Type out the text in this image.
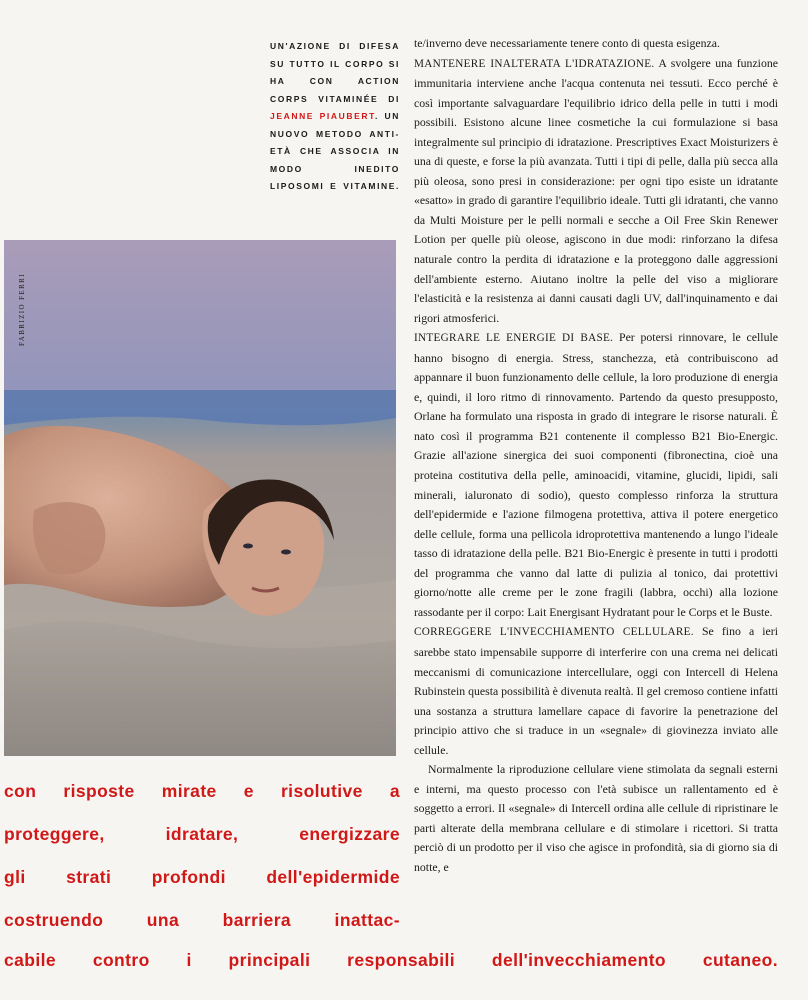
UN'AZIONE DI DIFESA SU TUTTO IL CORPO SI HA CON ACTION CORPS VITAMINÉE DI JEANNE PIAUBERT. UN NUOVO METODO ANTI-ETÀ CHE ASSOCIA IN MODO INEDITO LIPOSOMI E VITAMINE.
FABRIZIO FERRI

te/inverno deve necessariamente tenere conto di questa esigenza.

MANTENERE INALTERATA L'IDRATAZIONE. A svolgere una funzione immunitaria interviene anche l'acqua contenuta nei tessuti. Ecco perché è così importante salvaguardare l'equilibrio idrico della pelle in tutti i modi possibili. Esistono alcune linee cosmetiche la cui formulazione si basa integralmente sul principio di idratazione. Prescriptives Exact Moisturizers è una di queste, e forse la più avanzata. Tutti i tipi di pelle, dalla più secca alla più oleosa, sono presi in considerazione: per ogni tipo esiste un idratante «esatto» in grado di garantire l'equilibrio ideale. Tutti gli idratanti, che vanno da Multi Moisture per le pelli normali e secche a Oil Free Skin Renewer Lotion per quelle più oleose, agiscono in due modi: rinforzano la difesa naturale contro la perdita di idratazione e la proteggono dalle aggressioni dell'ambiente esterno. Aiutano inoltre la pelle del viso a migliorare l'elasticità e la resistenza ai danni causati dagli UV, dall'inquinamento e dai rigori atmosferici.

INTEGRARE LE ENERGIE DI BASE. Per potersi rinnovare, le cellule hanno bisogno di energia. Stress, stanchezza, età contribuiscono ad appannare il buon funzionamento delle cellule, la loro produzione di energia e, quindi, il loro ritmo di rinnovamento. Partendo da questo presupposto, Orlane ha formulato una risposta in grado di integrare le risorse naturali. È nato così il programma B21 contenente il complesso B21 Bio-Energic. Grazie all'azione sinergica dei suoi componenti (fibronectina, cioè una proteina costitutiva della pelle, aminoacidi, vitamine, glucidi, lipidi, sali minerali, ialuronato di sodio), questo complesso rinforza la struttura dell'epidermide e l'azione filmogena protettiva, attiva il potere energetico delle cellule, forma una pellicola idroprotettiva mantenendo a lungo l'ideale tasso di idratazione della pelle. B21 Bio-Energic è presente in tutti i prodotti del programma che vanno dal latte di pulizia al tonico, dai protettivi giorno/notte alle creme per le zone fragili (labbra, occhi) alla lozione rassodante per il corpo: Lait Energisant Hydratant pour le Corps et le Buste.

CORREGGERE L'INVECCHIAMENTO CELLULARE. Se fino a ieri sarebbe stato impensabile supporre di interferire con una crema nei delicati meccanismi di comunicazione intercellulare, oggi con Intercell di Helena Rubinstein questa possibilità è divenuta realtà. Il gel cremoso contiene infatti una sostanza a struttura lamellare capace di favorire la penetrazione del principio attivo che si traduce in un «segnale» di giovinezza inviato alle cellule.

Normalmente la riproduzione cellulare viene stimolata da segnali esterni e interni, ma questo processo con l'età subisce un rallentamento ed è soggetto a errori. Il «segnale» di Intercell ordina alle cellule di ripristinare le parti alterate della membrana cellulare e di stimolare i ricettori. Si tratta perciò di un prodotto per il viso che agisce in profondità, sia di giorno sia di notte, e

con risposte mirate e risolutive a
proteggere, idratare, energizzare
gli strati profondi dell'epidermide
costruendo una barriera inattac-
cabile contro i principali responsabili dell'invecchiamento cutaneo.
